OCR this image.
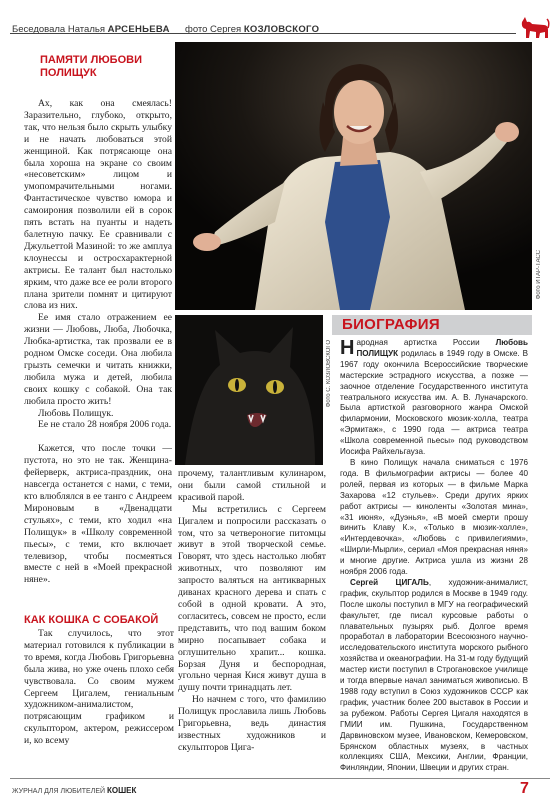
Беседовала Наталья АРСЕНЬЕВА фото Сергея КОЗЛОВСКОГО
Фото ИТАР-ТАСС
Фото С. КОЗЛОВСКОГО
ПАМЯТИ ЛЮБОВИ ПОЛИЩУК

Ах, как она смеялась! Заразительно, глубоко, открыто, так, что нельзя было скрыть улыбку и не начать любоваться этой женщиной. Как потрясающе она была хороша на экране со своим «несоветским» лицом и умопомрачительными ногами. Фантастическое чувство юмора и самоирония позволили ей в сорок пять встать на пуанты и надеть балетную пачку. Ее сравнивали с Джульеттой Мазиной: то же амплуа клоунессы и остросхарактерной актрисы. Ее талант был настолько ярким, что даже все ее роли второго плана зрители помнят и цитируют слова из них.

Ее имя стало отражением ее жизни — Любовь, Люба, Любочка, Любка-артистка, так прозвали ее в родном Омске соседи. Она любила грызть семечки и читать книжки, любила мужа и детей, любила своих кошку с собакой. Она так любила просто жить!

Любовь Полищук.

Ее не стало 28 ноября 2006 года.

Кажется, что после точки — пустота, но это не так. Женщина-фейерверк, актриса-праздник, она навсегда останется с нами, с теми, кто влюблялся в ее танго с Андреем Мироновым в «Двенадцати стульях», с теми, кто ходил «на Полищук» в «Школу современной пьесы», с теми, кто включает телевизор, чтобы посмеяться вместе с ней в «Моей прекрасной няне».

КАК КОШКА С СОБАКОЙ

Так случилось, что этот материал готовился к публикации в то время, когда Любовь Григорьевна была жива, но уже очень плохо себя чувствовала. Со своим мужем Сергеем Цигалем, гениальным художником-анималистом, потрясающим графиком и скульптором, актером, режиссером и, ко всему

прочему, талантливым кулинаром, они были самой стильной и красивой парой.

Мы встретились с Сергеем Цигалем и попросили рассказать о том, что за четвероногие питомцы живут в этой творческой семье. Говорят, что здесь настолько любят животных, что позволяют им запросто валяться на антикварных диванах красного дерева и спать с собой в одной кровати. А это, согласитесь, совсем не просто, если представить, что под вашим боком мирно посапывает собака и оглушительно храпит... кошка. Борзая Дуня и беспородная, угольно черная Кися живут душа в душу почти тринадцать лет.

Но начнем с того, что фамилию Полищук прославила лишь Любовь Григорьевна, ведь династия известных художников и скульпторов Цига-

БИОГРАФИЯ

Народная артистка России Любовь ПОЛИЩУК родилась в 1949 году в Омске. В 1967 году окончила Всероссийские творческие мастерские эстрадного искусства, а позже — заочное отделение Государственного института театрального искусства им. А. В. Луначарского. Была артисткой разговорного жанра Омской филармонии, Московского мюзик-холла, театра «Эрмитаж», с 1990 года — актриса театра «Школа современной пьесы» под руководством Иосифа Райхельгауза.

В кино Полищук начала сниматься с 1976 года. В фильмографии актрисы — более 40 ролей, первая из которых — в фильме Марка Захарова «12 стульев». Среди других ярких работ актрисы — киноленты «Золотая мина», «31 июня», «Дуэнья», «В моей смерти прошу винить Клаву К.», «Только в мюзик-холле», «Интердевочка», «Любовь с привилегиями», «Ширли-Мырли», сериал «Моя прекрасная няня» и многие другие. Актриса ушла из жизни 28 ноября 2006 года.

Сергей ЦИГАЛЬ, художник-анималист, график, скульптор родился в Москве в 1949 году. После школы поступил в МГУ на географический факультет, где писал курсовые работы о плавательных пузырях рыб. Долгое время проработал в лаборатории Всесоюзного научно-исследовательского института морского рыбного хозяйства и океанографии. На 31-м году будущий мастер кисти поступил в Строгановское училище и тогда впервые начал заниматься живописью. В 1988 году вступил в Союз художников СССР как график, участник более 200 выставок в России и за рубежом. Работы Сергея Цигаля находятся в ГМИИ им. Пушкина, Государственном Дарвиновском музее, Ивановском, Кемеровском, Брянском областных музеях, в частных коллекциях США, Мексики, Англии, Франции, Финляндии, Японии, Швеции и других стран.

ЖУРНАЛ ДЛЯ ЛЮБИТЕЛЕЙ КОШЕК	7
